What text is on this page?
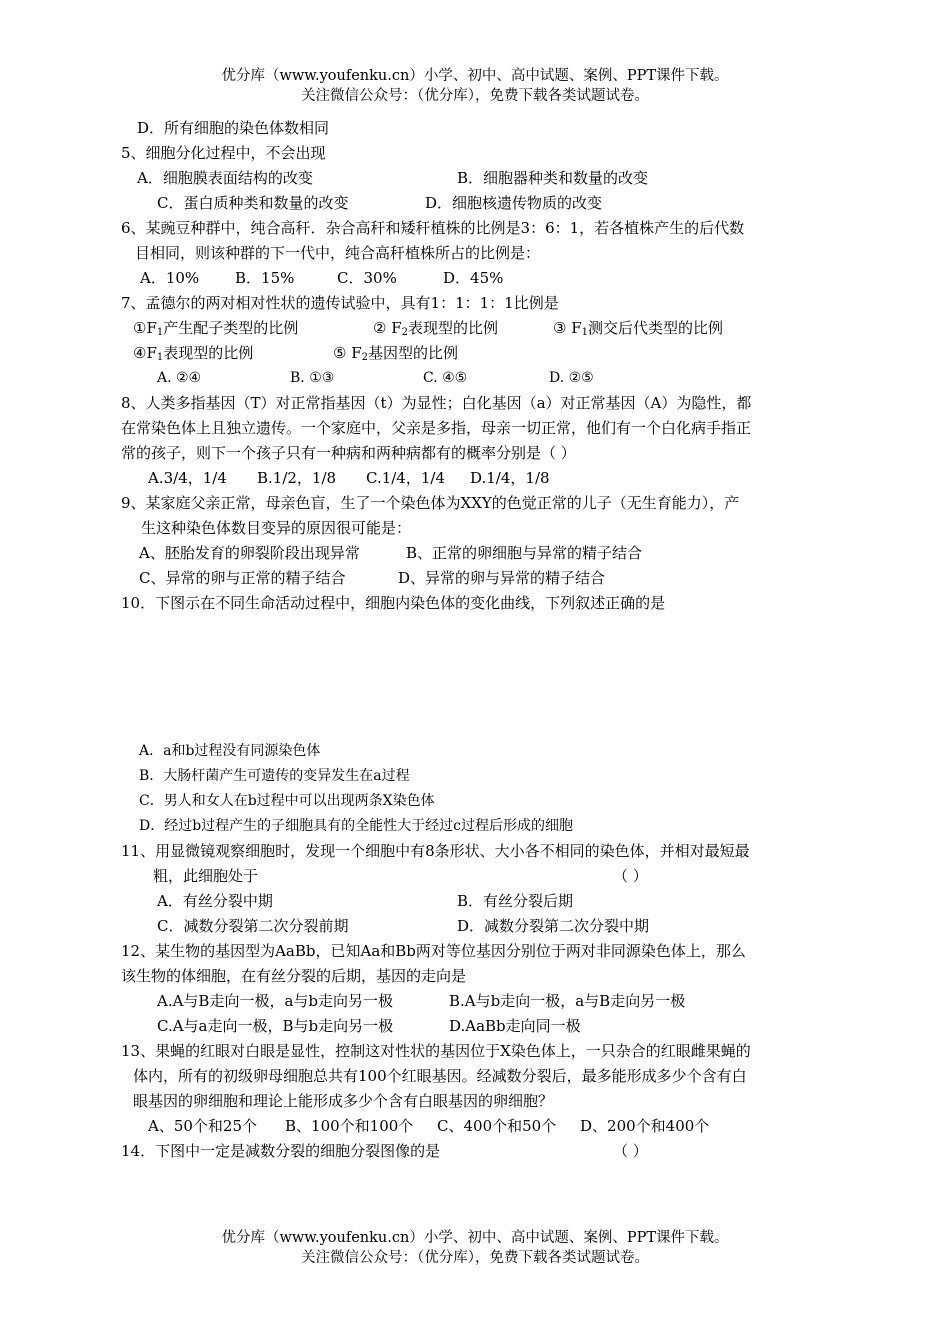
优分库（www.youfenku.cn）小学、初中、高中试题、案例、PPT课件下载。
关注微信公众号：（优分库），免费下载各类试题试卷。
D．所有细胞的染色体数相同
5、细胞分化过程中，不会出现
A．细胞膜表面结构的改变	B．细胞器种类和数量的改变
C．蛋白质种类和数量的改变	D．细胞核遗传物质的改变
6、某豌豆种群中，纯合高秆．杂合高秆和矮秆植株的比例是3：6：1，若各植株产生的后代数
目相同，则该种群的下一代中，纯合高秆植株所占的比例是：
A．10% B．15%	C．30%	D．45%
7、孟德尔的两对相对性状的遗传试验中，具有1：1：1：1比例是
$①F_1$产生配子类型的比例	② $F_2$表现型的比例	③ $F_1$测交后代类型的比例
$④F_1$表现型的比例	⑤ $F_2$基因型的比例
A. ②④	B. ①③	C. ④⑤	D. ②⑤
8、人类多指基因（T）对正常指基因（t）为显性；白化基因（a）对正常基因（A）为隐性，都
在常染色体上且独立遗传。一个家庭中，父亲是多指，母亲一切正常，他们有一个白化病手指正
常的孩子，则下一个孩子只有一种病和两种病都有的概率分别是（ ）
A.3/4，1/4 B.1/2，1/8 C.1/4，1/4 D.1/4，1/8
9、某家庭父亲正常，母亲色盲，生了一个染色体为XXY的色觉正常的儿子（无生育能力），产
生这种染色体数目变异的原因很可能是：
A、胚胎发育的卵裂阶段出现异常	B、正常的卵细胞与异常的精子结合
C、异常的卵与正常的精子结合	D、异常的卵与异常的精子结合
10．下图示在不同生命活动过程中，细胞内染色体的变化曲线，下列叙述正确的是
A．a和b过程没有同源染色体
B．大肠杆菌产生可遗传的变异发生在a过程
C．男人和女人在b过程中可以出现两条X染色体
D．经过b过程产生的子细胞具有的全能性大于经过c过程后形成的细胞
11、用显微镜观察细胞时，发现一个细胞中有8条形状、大小各不相同的染色体，并相对最短最
粗，此细胞处于	（ ）
A．有丝分裂中期	B．有丝分裂后期
C．减数分裂第二次分裂前期	D．减数分裂第二次分裂中期
12、某生物的基因型为AaBb，已知Aa和Bb两对等位基因分别位于两对非同源染色体上，那么
该生物的体细胞，在有丝分裂的后期，基因的走向是
A.A与B走向一极，a与b走向另一极	B.A与b走向一极，a与B走向另一极
C.A与a走向一极，B与b走向另一极	D.AaBb走向同一极
13、果蝇的红眼对白眼是显性，控制这对性状的基因位于X染色体上，一只杂合的红眼雌果蝇的
体内，所有的初级卵母细胞总共有100个红眼基因。经减数分裂后，最多能形成多少个含有白
眼基因的卵细胞和理论上能形成多少个含有白眼基因的卵细胞？
A、50个和25个 B、100个和100个 C、400个和50个 D、200个和400个
14．下图中一定是减数分裂的细胞分裂图像的是	（ ）
优分库（www.youfenku.cn）小学、初中、高中试题、案例、PPT课件下载。
关注微信公众号：（优分库），免费下载各类试题试卷。
